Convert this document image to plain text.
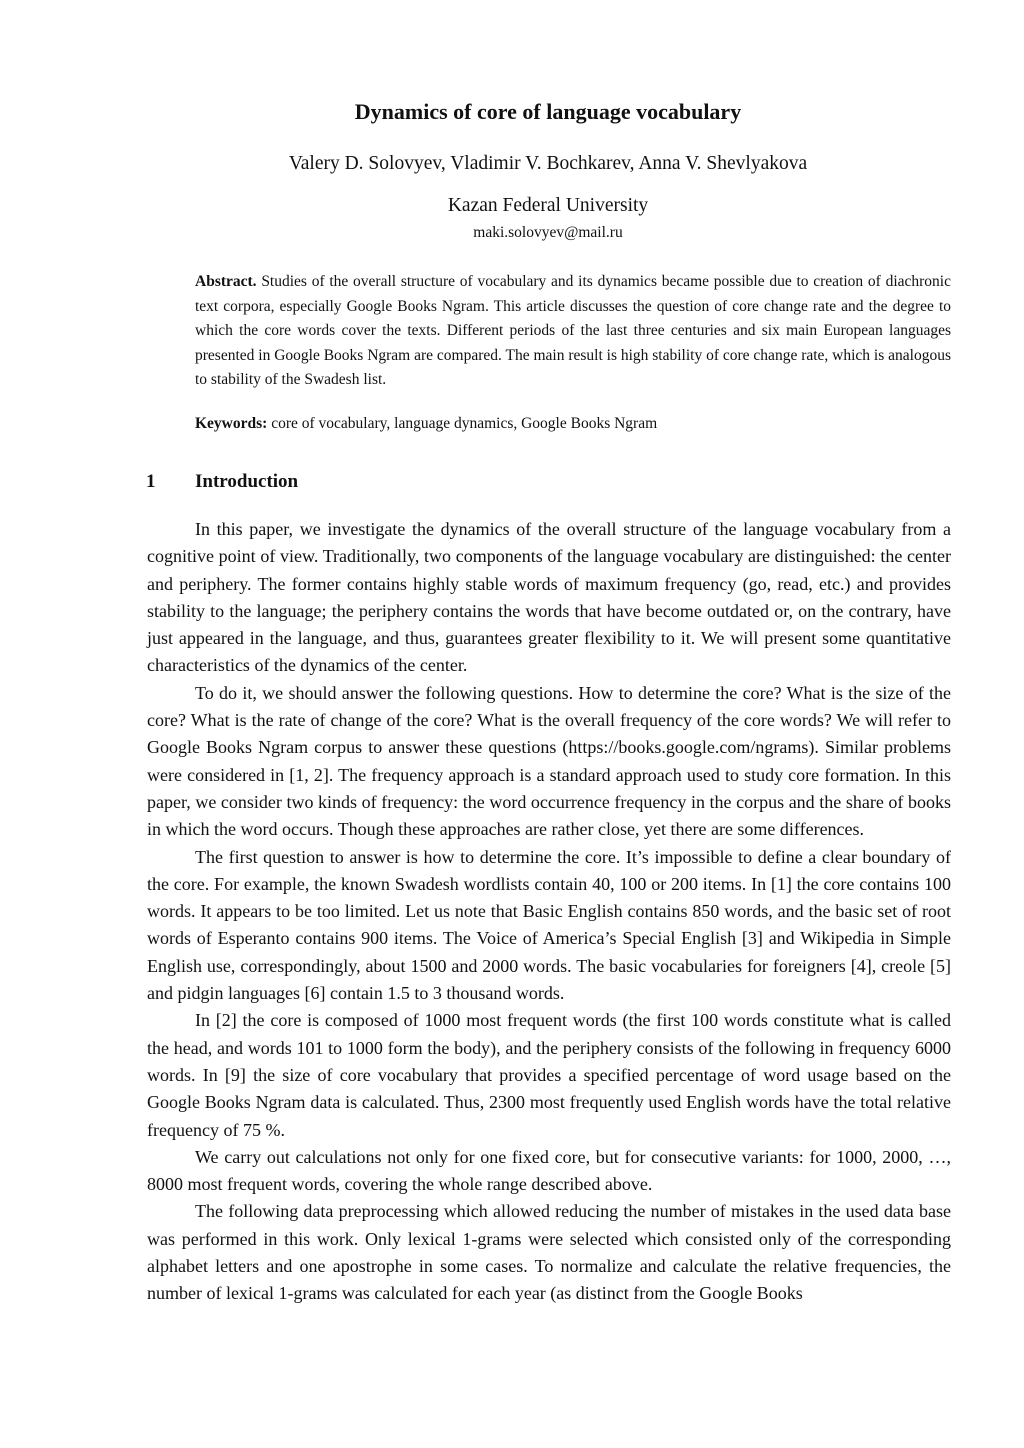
Dynamics of core of language vocabulary
Valery D. Solovyev, Vladimir V. Bochkarev, Anna V. Shevlyakova
Kazan Federal University
maki.solovyev@mail.ru

Abstract. Studies of the overall structure of vocabulary and its dynamics became possible due to creation of diachronic text corpora, especially Google Books Ngram. This article discusses the question of core change rate and the degree to which the core words cover the texts. Different periods of the last three centuries and six main European languages presented in Google Books Ngram are compared. The main result is high stability of core change rate, which is analogous to stability of the Swadesh list.

Keywords: core of vocabulary, language dynamics, Google Books Ngram

1 Introduction

In this paper, we investigate the dynamics of the overall structure of the language vocabulary from a cognitive point of view. Traditionally, two components of the language vocabulary are distinguished: the center and periphery. The former contains highly stable words of maximum frequency (go, read, etc.) and provides stability to the language; the periphery contains the words that have become outdated or, on the contrary, have just appeared in the language, and thus, guarantees greater flexibility to it. We will present some quantitative characteristics of the dynamics of the center.

To do it, we should answer the following questions. How to determine the core? What is the size of the core? What is the rate of change of the core? What is the overall frequency of the core words? We will refer to Google Books Ngram corpus to answer these questions (https://books.google.com/ngrams). Similar problems were considered in [1, 2]. The frequency approach is a standard approach used to study core formation. In this paper, we consider two kinds of frequency: the word occurrence frequency in the corpus and the share of books in which the word occurs. Though these approaches are rather close, yet there are some differences.

The first question to answer is how to determine the core. It’s impossible to define a clear boundary of the core. For example, the known Swadesh wordlists contain 40, 100 or 200 items. In [1] the core contains 100 words. It appears to be too limited. Let us note that Basic English contains 850 words, and the basic set of root words of Esperanto contains 900 items. The Voice of America’s Special English [3] and Wikipedia in Simple English use, correspondingly, about 1500 and 2000 words. The basic vocabularies for foreigners [4], creole [5] and pidgin languages [6] contain 1.5 to 3 thousand words.

In [2] the core is composed of 1000 most frequent words (the first 100 words constitute what is called the head, and words 101 to 1000 form the body), and the periphery consists of the following in frequency 6000 words. In [9] the size of core vocabulary that provides a specified percentage of word usage based on the Google Books Ngram data is calculated. Thus, 2300 most frequently used English words have the total relative frequency of 75 %.

We carry out calculations not only for one fixed core, but for consecutive variants: for 1000, 2000, …, 8000 most frequent words, covering the whole range described above.

The following data preprocessing which allowed reducing the number of mistakes in the used data base was performed in this work. Only lexical 1-grams were selected which consisted only of the corresponding alphabet letters and one apostrophe in some cases. To normalize and calculate the relative frequencies, the number of lexical 1-grams was calculated for each year (as distinct from the Google Books
